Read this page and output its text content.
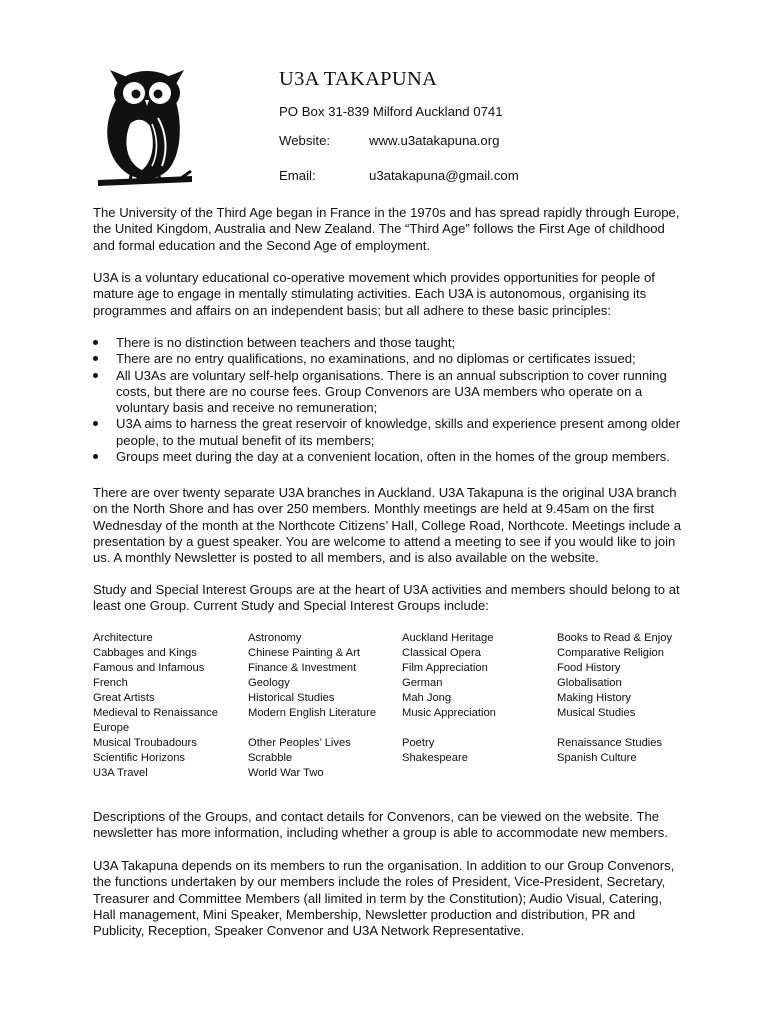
U3A TAKAPUNA
PO Box 31-839 Milford Auckland 0741
Website:	www.u3atakapuna.org
Email:	u3atakapuna@gmail.com

The University of the Third Age began in France in the 1970s and has spread rapidly through Europe, the United Kingdom, Australia and New Zealand. The “Third Age” follows the First Age of childhood and formal education and the Second Age of employment.

U3A is a voluntary educational co-operative movement which provides opportunities for people of mature age to engage in mentally stimulating activities. Each U3A is autonomous, organising its programmes and affairs on an independent basis; but all adhere to these basic principles:

There is no distinction between teachers and those taught;
There are no entry qualifications, no examinations, and no diplomas or certificates issued;
All U3As are voluntary self-help organisations. There is an annual subscription to cover running costs, but there are no course fees. Group Convenors are U3A members who operate on a voluntary basis and receive no remuneration;
U3A aims to harness the great reservoir of knowledge, skills and experience present among older people, to the mutual benefit of its members;
Groups meet during the day at a convenient location, often in the homes of the group members.

There are over twenty separate U3A branches in Auckland. U3A Takapuna is the original U3A branch on the North Shore and has over 250 members. Monthly meetings are held at 9.45am on the first Wednesday of the month at the Northcote Citizens’ Hall, College Road, Northcote. Meetings include a presentation by a guest speaker. You are welcome to attend a meeting to see if you would like to join us. A monthly Newsletter is posted to all members, and is also available on the website.

Study and Special Interest Groups are at the heart of U3A activities and members should belong to at least one Group. Current Study and Special Interest Groups include:

Architecture
Cabbages and Kings
Famous and Infamous
French
Great Artists
Medieval to Renaissance Europe
Musical Troubadours
Scientific Horizons
U3A Travel
Astronomy
Chinese Painting & Art
Finance & Investment
Geology
Historical Studies
Modern English Literature
Other Peoples’ Lives
Scrabble
World War Two
Auckland Heritage
Classical Opera
Film Appreciation
German
Mah Jong
Music Appreciation
Poetry
Shakespeare
Books to Read & Enjoy
Comparative Religion
Food History
Globalisation
Making History
Musical Studies
Renaissance Studies
Spanish Culture

Descriptions of the Groups, and contact details for Convenors, can be viewed on the website. The newsletter has more information, including whether a group is able to accommodate new members.

U3A Takapuna depends on its members to run the organisation. In addition to our Group Convenors, the functions undertaken by our members include the roles of President, Vice-President, Secretary, Treasurer and Committee Members (all limited in term by the Constitution); Audio Visual, Catering, Hall management, Mini Speaker, Membership, Newsletter production and distribution, PR and Publicity, Reception, Speaker Convenor and U3A Network Representative.
